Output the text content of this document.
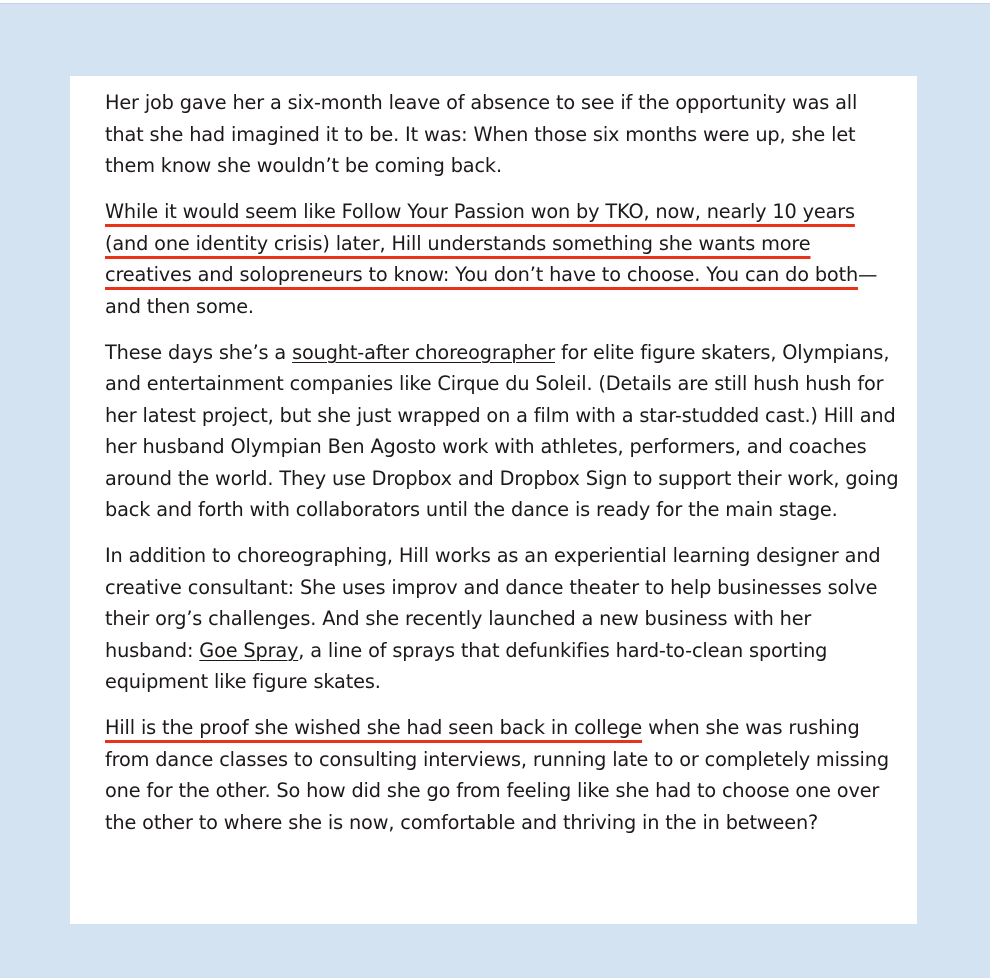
Her job gave her a six-month leave of absence to see if the opportunity was all that she had imagined it to be. It was: When those six months were up, she let them know she wouldn’t be coming back.

While it would seem like Follow Your Passion won by TKO, now, nearly 10 years (and one identity crisis) later, Hill understands something she wants more creatives and solopreneurs to know: You don’t have to choose. You can do both—and then some.

These days she’s a sought-after choreographer for elite figure skaters, Olympians, and entertainment companies like Cirque du Soleil. (Details are still hush hush for her latest project, but she just wrapped on a film with a star-studded cast.) Hill and her husband Olympian Ben Agosto work with athletes, performers, and coaches around the world. They use Dropbox and Dropbox Sign to support their work, going back and forth with collaborators until the dance is ready for the main stage.

In addition to choreographing, Hill works as an experiential learning designer and creative consultant: She uses improv and dance theater to help businesses solve their org’s challenges. And she recently launched a new business with her husband: Goe Spray, a line of sprays that defunkifies hard-to-clean sporting equipment like figure skates.

Hill is the proof she wished she had seen back in college when she was rushing from dance classes to consulting interviews, running late to or completely missing one for the other. So how did she go from feeling like she had to choose one over the other to where she is now, comfortable and thriving in the in between?
